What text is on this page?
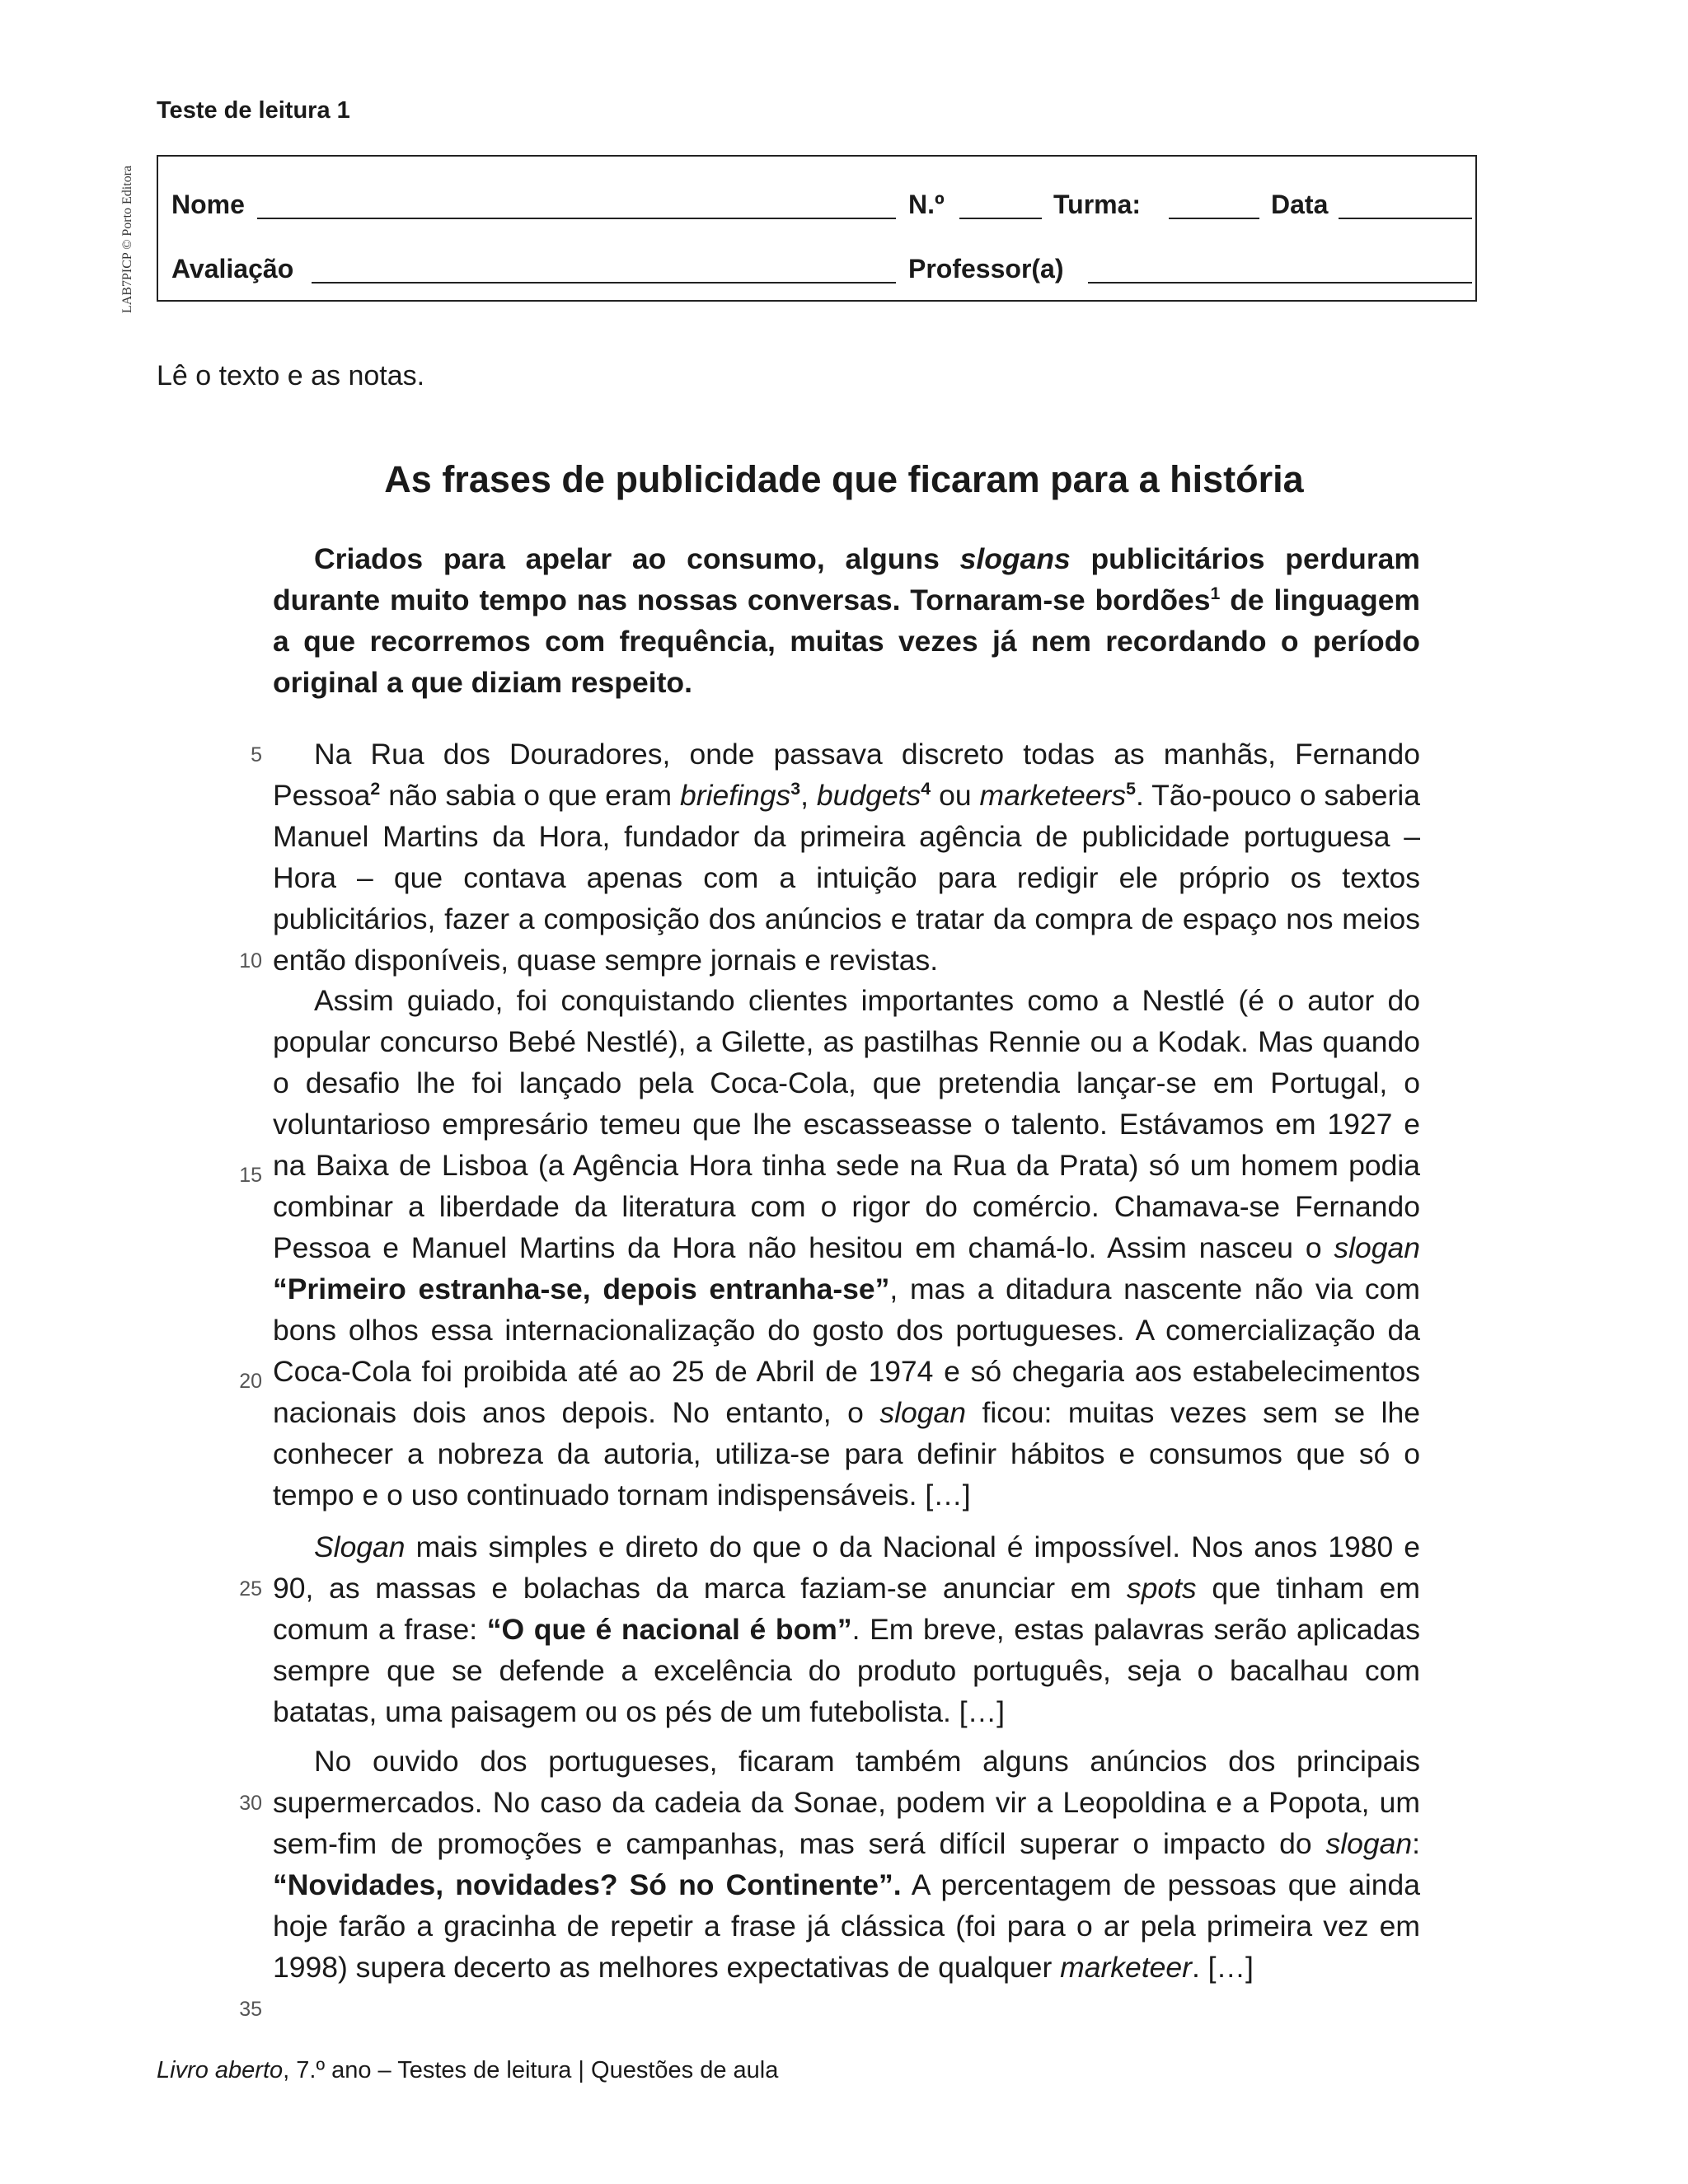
Teste de leitura 1
LAB7PICP © Porto Editora Nome	N.º	Turma:	Data
Avaliação	Professor(a)
Lê o texto e as notas.
As frases de publicidade que ficaram para a história
Criados para apelar ao consumo, alguns slogans publicitários perduram durante muito tempo nas nossas conversas. Tornaram-se bordões$^1$ de linguagem a que recorremos com frequência, muitas vezes já nem recordando o período original a que diziam respeito.

Na Rua dos Douradores, onde passava discreto todas as manhãs, Fernando Pessoa$^2$ não sabia o que eram briefings$^3$, budgets$^4$ ou marketeers$^5$. Tão-pouco o saberia Manuel Martins da Hora, fundador da primeira agência de publicidade portuguesa – Hora – que contava apenas com a intuição para redigir ele próprio os textos publicitários, fazer a composição dos anúncios e tratar da compra de espaço nos meios então disponíveis, quase sempre jornais e revistas.

Assim guiado, foi conquistando clientes importantes como a Nestlé (é o autor do popular concurso Bebé Nestlé), a Gilette, as pastilhas Rennie ou a Kodak. Mas quando o desafio lhe foi lançado pela Coca-Cola, que pretendia lançar-se em Portugal, o voluntarioso empresário temeu que lhe escasseasse o talento. Estávamos em 1927 e na Baixa de Lisboa (a Agência Hora tinha sede na Rua da Prata) só um homem podia combinar a liberdade da literatura com o rigor do comércio. Chamava-se Fernando Pessoa e Manuel Martins da Hora não hesitou em chamá-lo. Assim nasceu o slogan “Primeiro estranha-se, depois entranha-se”, mas a ditadura nascente não via com bons olhos essa internacionalização do gosto dos portugueses. A comercialização da Coca-Cola foi proibida até ao 25 de Abril de 1974 e só chegaria aos estabelecimentos nacionais dois anos depois. No entanto, o slogan ficou: muitas vezes sem se lhe conhecer a nobreza da autoria, utiliza-se para definir hábitos e consumos que só o tempo e o uso continuado tornam indispensáveis. […]

Slogan mais simples e direto do que o da Nacional é impossível. Nos anos 1980 e 90, as massas e bolachas da marca faziam-se anunciar em spots que tinham em comum a frase: “O que é nacional é bom”. Em breve, estas palavras serão aplicadas sempre que se defende a excelência do produto português, seja o bacalhau com batatas, uma paisagem ou os pés de um futebolista. […]

No ouvido dos portugueses, ficaram também alguns anúncios dos principais supermercados. No caso da cadeia da Sonae, podem vir a Leopoldina e a Popota, um sem-fim de promoções e campanhas, mas será difícil superar o impacto do slogan: “Novidades, novidades? Só no Continente”. A percentagem de pessoas que ainda hoje farão a gracinha de repetir a frase já clássica (foi para o ar pela primeira vez em 1998) supera decerto as melhores expectativas de qualquer marketeer. […]

5
10
15
20
25
30
35
Livro aberto, 7.º ano – Testes de leitura | Questões de aula
